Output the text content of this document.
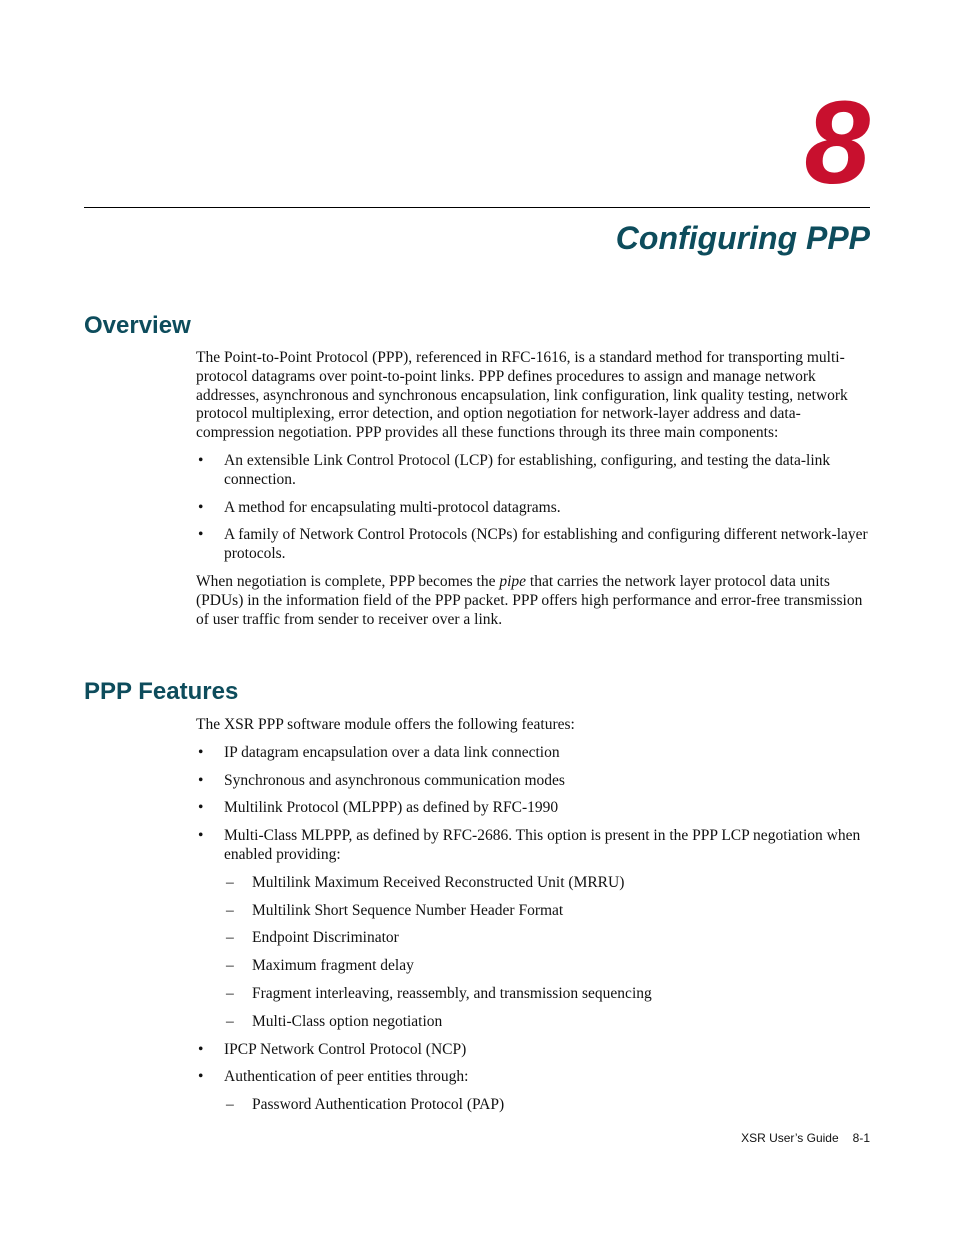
8
Configuring PPP
Overview

The Point-to-Point Protocol (PPP), referenced in RFC-1616, is a standard method for transporting multi-protocol datagrams over point-to-point links. PPP defines procedures to assign and manage network addresses, asynchronous and synchronous encapsulation, link configuration, link quality testing, network protocol multiplexing, error detection, and option negotiation for network-layer address and data-compression negotiation. PPP provides all these functions through its three main components:

• An extensible Link Control Protocol (LCP) for establishing, configuring, and testing the data-link connection.
• A method for encapsulating multi-protocol datagrams.
• A family of Network Control Protocols (NCPs) for establishing and configuring different network-layer protocols.

When negotiation is complete, PPP becomes the pipe that carries the network layer protocol data units (PDUs) in the information field of the PPP packet. PPP offers high performance and error-free transmission of user traffic from sender to receiver over a link.

PPP Features

The XSR PPP software module offers the following features:

• IP datagram encapsulation over a data link connection
• Synchronous and asynchronous communication modes
• Multilink Protocol (MLPPP) as defined by RFC-1990
• Multi-Class MLPPP, as defined by RFC-2686. This option is present in the PPP LCP negotiation when enabled providing:
– Multilink Maximum Received Reconstructed Unit (MRRU)
– Multilink Short Sequence Number Header Format
– Endpoint Discriminator
– Maximum fragment delay
– Fragment interleaving, reassembly, and transmission sequencing
– Multi-Class option negotiation
• IPCP Network Control Protocol (NCP)
• Authentication of peer entities through:
– Password Authentication Protocol (PAP)
XSR User’s Guide 8-1
